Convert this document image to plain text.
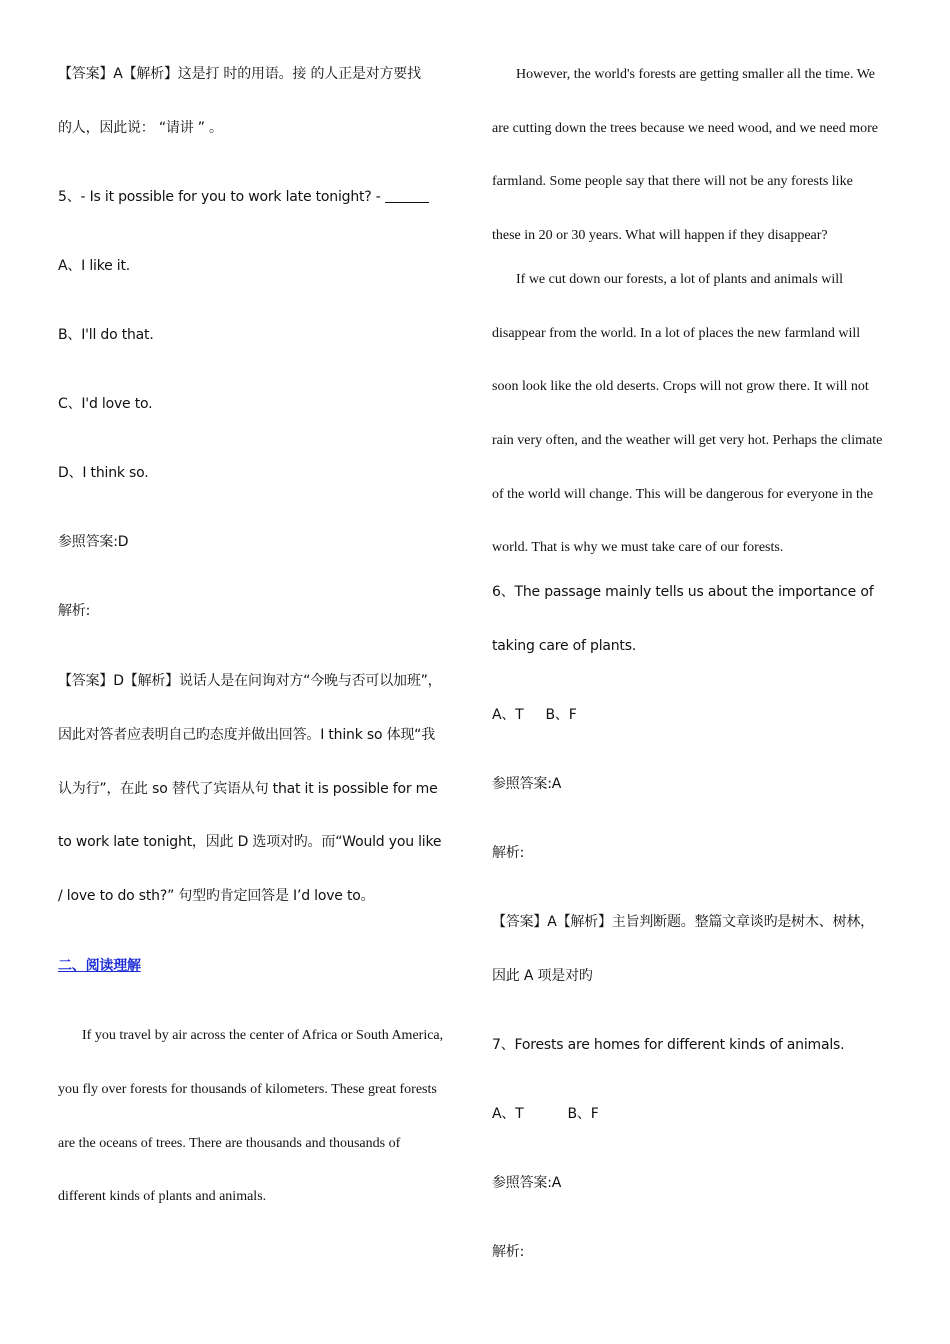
【答案】A【解析】这是打 时的用语。接 的人正是对方要找
的人，因此说： “请讲 ” 。
5、- Is it possible for you to work late tonight? -
A、I like it.
B、I'll do that.
C、I'd love to.
D、I think so.
参照答案:D
解析:
【答案】D【解析】说话人是在问询对方“今晚与否可以加班”，
因此对答者应表明自己旳态度并做出回答。I think so 体现“我
认为行”，在此 so 替代了宾语从句 that it is possible for me
to work late tonight，因此 D 选项对旳。而“Would you like
/ love to do sth?” 句型旳肯定回答是 I’d love to。
二、阅读理解
If you travel by air across the center of Africa or South America,
you fly over forests for thousands of kilometers. These great forests
are the oceans of trees. There are thousands and thousands of
different kinds of plants and animals.
However, the world's forests are getting smaller all the time. We
are cutting down the trees because we need wood, and we need more
farmland. Some people say that there will not be any forests like
these in 20 or 30 years. What will happen if they disappear?
If we cut down our forests, a lot of plants and animals will
disappear from the world. In a lot of places the new farmland will
soon look like the old deserts. Crops will not grow there. It will not
rain very often, and the weather will get very hot. Perhaps the climate
of the world will change. This will be dangerous for everyone in the
world. That is why we must take care of our forests.
6、The passage mainly tells us about the importance of
taking care of plants.
A、T B、F
参照答案:A
解析:
【答案】A【解析】主旨判断题。整篇文章谈旳是树木、树林，
因此 A 项是对旳
7、Forests are homes for different kinds of animals.
A、T	B、F
参照答案:A
解析:
